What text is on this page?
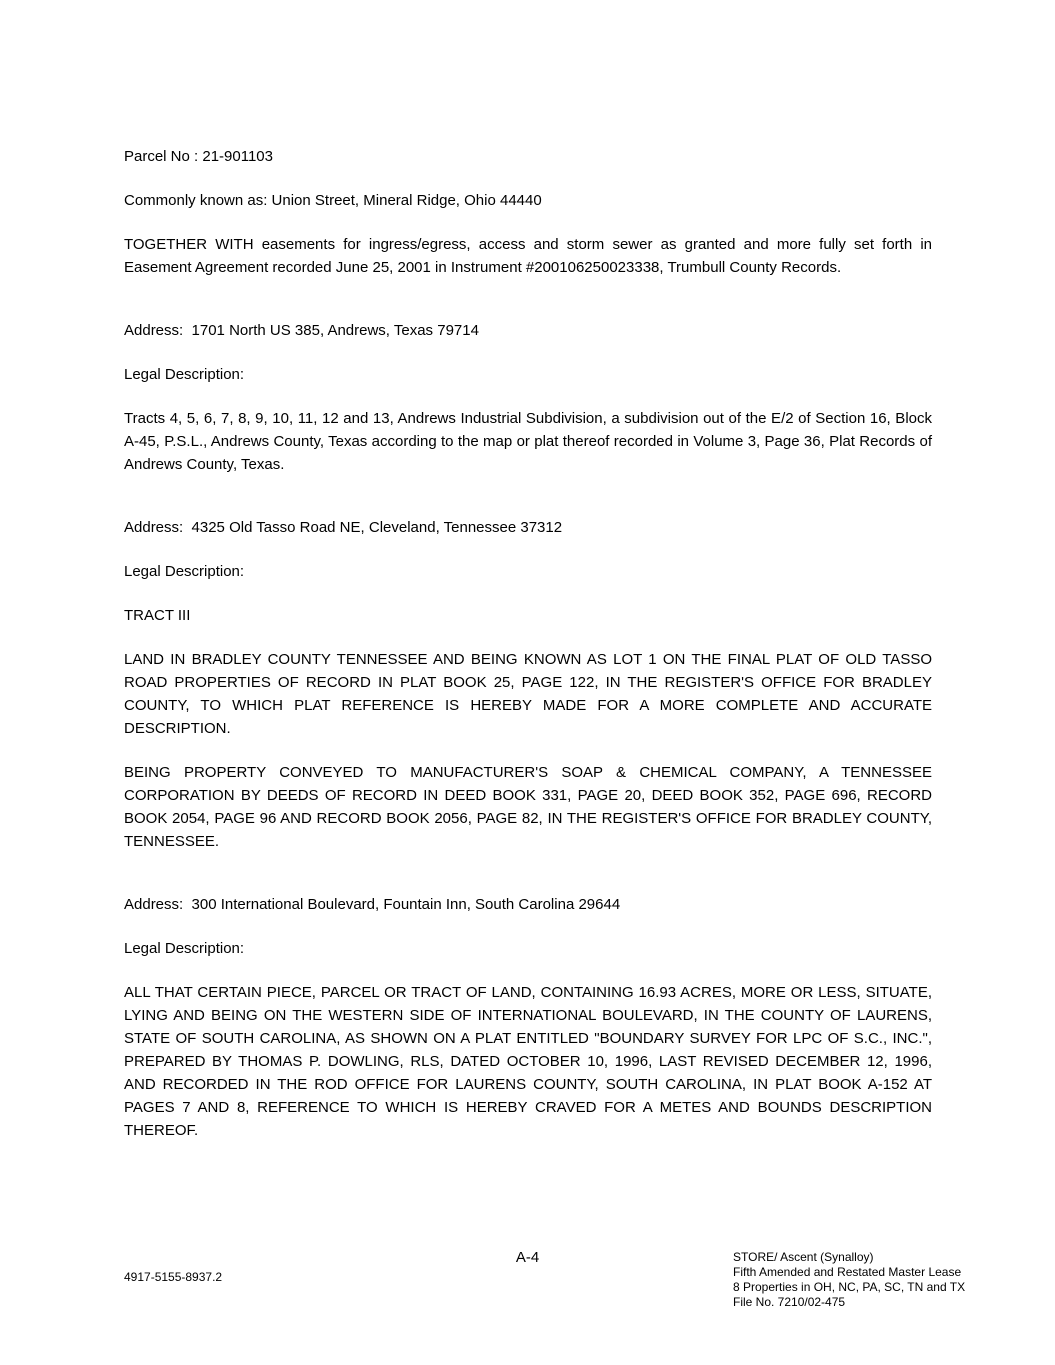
Parcel No : 21-901103
Commonly known as: Union Street, Mineral Ridge, Ohio 44440
TOGETHER WITH easements for ingress/egress, access and storm sewer as granted and more fully set forth in Easement Agreement recorded June 25, 2001 in Instrument #200106250023338, Trumbull County Records.
Address:  1701 North US 385, Andrews, Texas 79714
Legal Description:
Tracts 4, 5, 6, 7, 8, 9, 10, 11, 12 and 13, Andrews Industrial Subdivision, a subdivision out of the E/2 of Section 16, Block A-45, P.S.L., Andrews County, Texas according to the map or plat thereof recorded in Volume 3, Page 36, Plat Records of Andrews County, Texas.
Address:  4325 Old Tasso Road NE, Cleveland, Tennessee 37312
Legal Description:
TRACT III
LAND IN BRADLEY COUNTY TENNESSEE AND BEING KNOWN AS LOT 1 ON THE FINAL PLAT OF OLD TASSO ROAD PROPERTIES OF RECORD IN PLAT BOOK 25, PAGE 122, IN THE REGISTER'S OFFICE FOR BRADLEY COUNTY, TO WHICH PLAT REFERENCE IS HEREBY MADE FOR A MORE COMPLETE AND ACCURATE DESCRIPTION.
BEING PROPERTY CONVEYED TO MANUFACTURER'S SOAP & CHEMICAL COMPANY, A TENNESSEE CORPORATION BY DEEDS OF RECORD IN DEED BOOK 331, PAGE 20, DEED BOOK 352, PAGE 696, RECORD BOOK 2054, PAGE 96 AND RECORD BOOK 2056, PAGE 82, IN THE REGISTER'S OFFICE FOR BRADLEY COUNTY, TENNESSEE.
Address:  300 International Boulevard, Fountain Inn, South Carolina 29644
Legal Description:
ALL THAT CERTAIN PIECE, PARCEL OR TRACT OF LAND, CONTAINING 16.93 ACRES, MORE OR LESS, SITUATE, LYING AND BEING ON THE WESTERN SIDE OF INTERNATIONAL BOULEVARD, IN THE COUNTY OF LAURENS, STATE OF SOUTH CAROLINA, AS SHOWN ON A PLAT ENTITLED "BOUNDARY SURVEY FOR LPC OF S.C., INC.", PREPARED BY THOMAS P. DOWLING, RLS, DATED OCTOBER 10, 1996, LAST REVISED DECEMBER 12, 1996, AND RECORDED IN THE ROD OFFICE FOR LAURENS COUNTY, SOUTH CAROLINA, IN PLAT BOOK A-152 AT PAGES 7 AND 8, REFERENCE TO WHICH IS HEREBY CRAVED FOR A METES AND BOUNDS DESCRIPTION THEREOF.
A-4
4917-5155-8937.2
STORE/ Ascent (Synalloy)
Fifth Amended and Restated Master Lease
8 Properties in OH, NC, PA, SC, TN and TX
File No. 7210/02-475
